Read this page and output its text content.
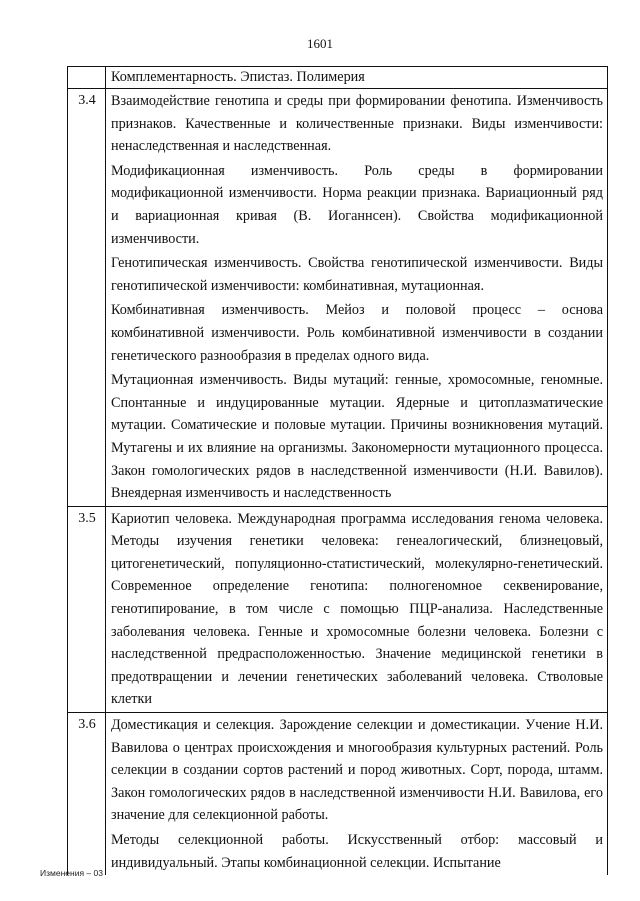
1601

	Комплементарность. Эпистаз. Полимерия

3.4	Взаимодействие генотипа и среды при формировании фенотипа. Изменчивость признаков. Качественные и количественные признаки. Виды изменчивости: ненаследственная и наследственная.

Модификационная изменчивость. Роль среды в формировании модификационной изменчивости. Норма реакции признака. Вариационный ряд и вариационная кривая (В. Иоганнсен). Свойства модификационной изменчивости.

Генотипическая изменчивость. Свойства генотипической изменчивости. Виды генотипической изменчивости: комбинативная, мутационная.

Комбинативная изменчивость. Мейоз и половой процесс – основа комбинативной изменчивости. Роль комбинативной изменчивости в создании генетического разнообразия в пределах одного вида.

Мутационная изменчивость. Виды мутаций: генные, хромосомные, геномные. Спонтанные и индуцированные мутации. Ядерные и цитоплазматические мутации. Соматические и половые мутации. Причины возникновения мутаций. Мутагены и их влияние на организмы. Закономерности мутационного процесса. Закон гомологических рядов в наследственной изменчивости (Н.И. Вавилов). Внеядерная изменчивость и наследственность

3.5	Кариотип человека. Международная программа исследования генома человека. Методы изучения генетики человека: генеалогический, близнецовый, цитогенетический, популяционно-статистический, молекулярно-генетический. Современное определение генотипа: полногеномное секвенирование, генотипирование, в том числе с помощью ПЦР-анализа. Наследственные заболевания человека. Генные и хромосомные болезни человека. Болезни с наследственной предрасположенностью. Значение медицинской генетики в предотвращении и лечении генетических заболеваний человека. Стволовые клетки

3.6	Доместикация и селекция. Зарождение селекции и доместикации. Учение Н.И. Вавилова о центрах происхождения и многообразия культурных растений. Роль селекции в создании сортов растений и пород животных. Сорт, порода, штамм. Закон гомологических рядов в наследственной изменчивости Н.И. Вавилова, его значение для селекционной работы.

Методы селекционной работы. Искусственный отбор: массовый и индивидуальный. Этапы комбинационной селекции. Испытание

Изменения – 03
